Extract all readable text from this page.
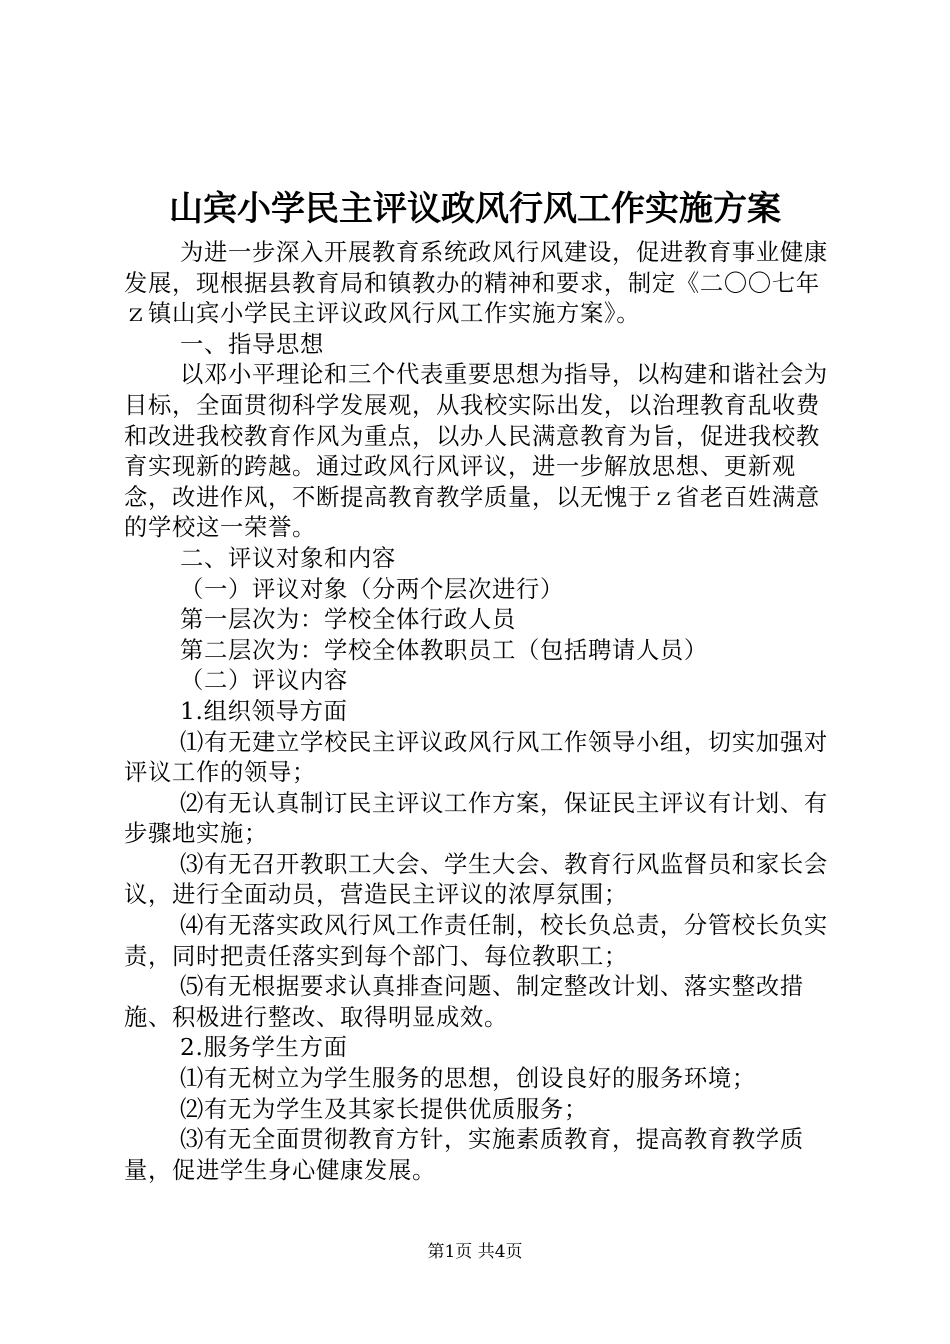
山宾小学民主评议政风行风工作实施方案

为进一步深入开展教育系统政风行风建设，促进教育事业健康发展，现根据县教育局和镇教办的精神和要求，制定《二〇〇七年ｚ镇山宾小学民主评议政风行风工作实施方案》。

一、指导思想

以邓小平理论和三个代表重要思想为指导，以构建和谐社会为目标，全面贯彻科学发展观，从我校实际出发，以治理教育乱收费和改进我校教育作风为重点，以办人民满意教育为旨，促进我校教育实现新的跨越。通过政风行风评议，进一步解放思想、更新观念，改进作风，不断提高教育教学质量，以无愧于ｚ省老百姓满意的学校这一荣誉。

二、评议对象和内容

（一）评议对象（分两个层次进行）

第一层次为：学校全体行政人员

第二层次为：学校全体教职员工（包括聘请人员）

（二）评议内容

1.组织领导方面

⑴有无建立学校民主评议政风行风工作领导小组，切实加强对评议工作的领导；

⑵有无认真制订民主评议工作方案，保证民主评议有计划、有步骤地实施；

⑶有无召开教职工大会、学生大会、教育行风监督员和家长会议，进行全面动员，营造民主评议的浓厚氛围；

⑷有无落实政风行风工作责任制，校长负总责，分管校长负实责，同时把责任落实到每个部门、每位教职工；

⑸有无根据要求认真排查问题、制定整改计划、落实整改措施、积极进行整改、取得明显成效。

2.服务学生方面

⑴有无树立为学生服务的思想，创设良好的服务环境；

⑵有无为学生及其家长提供优质服务；

⑶有无全面贯彻教育方针，实施素质教育，提高教育教学质量，促进学生身心健康发展。

第1页 共4页
